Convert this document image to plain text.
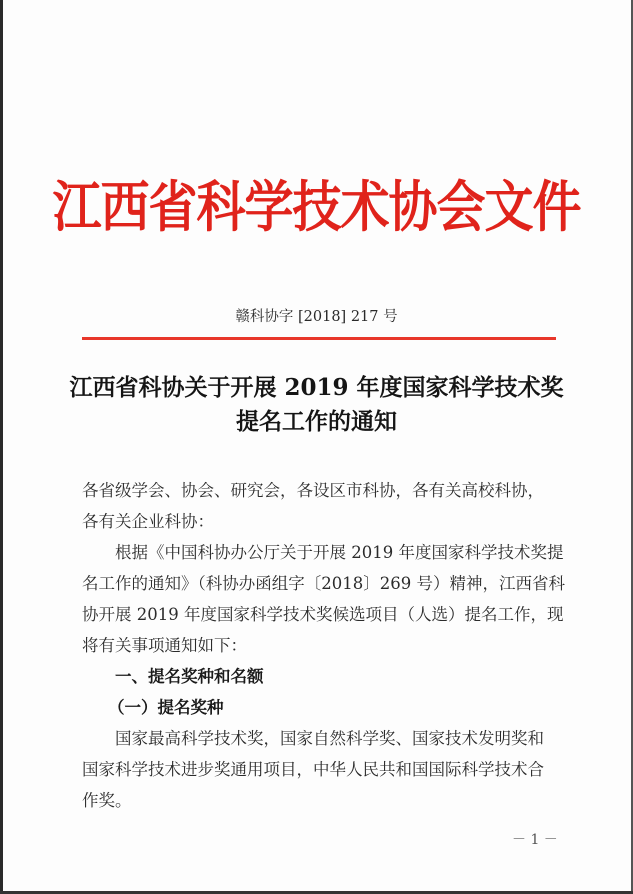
江西省科学技术协会文件
赣科协字 [2018] 217 号
江西省科协关于开展 2019 年度国家科学技术奖
提名工作的通知
各省级学会、协会、研究会，各设区市科协，各有关高校科协，
各有关企业科协：
根据《中国科协办公厅关于开展 2019 年度国家科学技术奖提
名工作的通知》（科协办函组字〔2018〕269 号）精神，江西省科
协开展 2019 年度国家科学技术奖候选项目（人选）提名工作，现
将有关事项通知如下：
一、提名奖种和名额
（一）提名奖种
国家最高科学技术奖，国家自然科学奖、国家技术发明奖和
国家科学技术进步奖通用项目，中华人民共和国国际科学技术合
作奖。
－ 1 －
